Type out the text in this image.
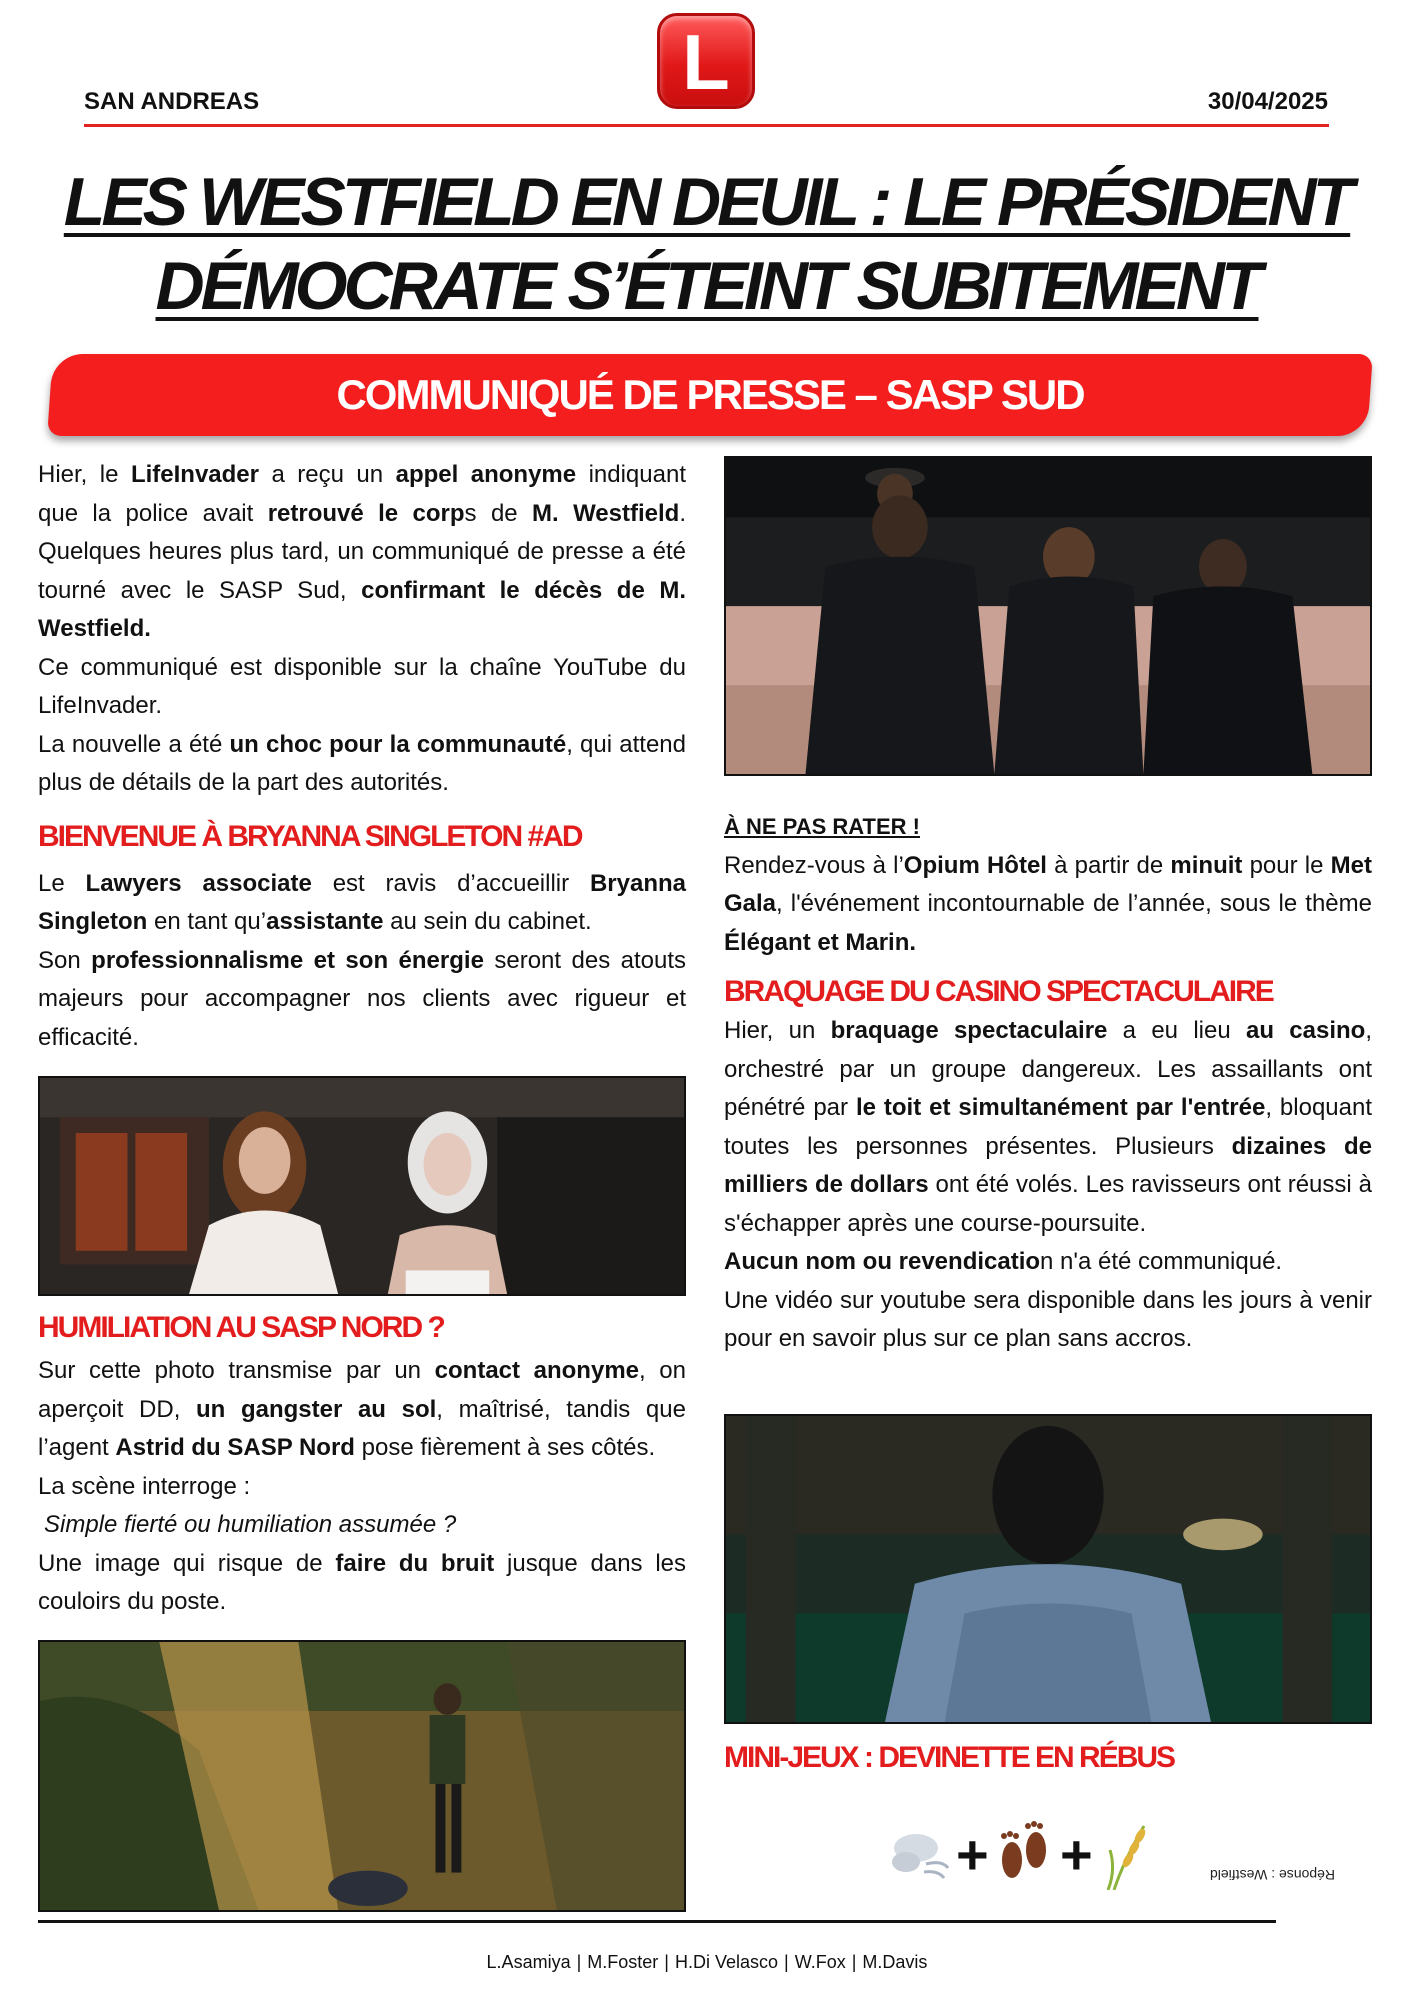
L
SAN ANDREAS	30/04/2025
LES WESTFIELD EN DEUIL : LE PRÉSIDENT
DÉMOCRATE S’ÉTEINT SUBITEMENT
COMMUNIQUÉ DE PRESSE – SASP SUD

Hier, le LifeInvader a reçu un appel anonyme indiquant que la police avait retrouvé le corps de M. Westfield. Quelques heures plus tard, un communiqué de presse a été tourné avec le SASP Sud, confirmant le décès de M. Westfield.

Ce communiqué est disponible sur la chaîne YouTube du LifeInvader.

La nouvelle a été un choc pour la communauté, qui attend plus de détails de la part des autorités.

BIENVENUE À BRYANNA SINGLETON #AD

Le Lawyers associate est ravis d’accueillir Bryanna Singleton en tant qu’assistante au sein du cabinet.

Son professionnalisme et son énergie seront des atouts majeurs pour accompagner nos clients avec rigueur et efficacité.

HUMILIATION AU SASP NORD ?

Sur cette photo transmise par un contact anonyme, on aperçoit DD, un gangster au sol, maîtrisé, tandis que l’agent Astrid du SASP Nord pose fièrement à ses côtés.

La scène interroge :

Simple fierté ou humiliation assumée ?

Une image qui risque de faire du bruit jusque dans les couloirs du poste.

À NE PAS RATER !

Rendez-vous à l’Opium Hôtel à partir de minuit pour le Met Gala, l'événement incontournable de l’année, sous le thème Élégant et Marin.

BRAQUAGE DU CASINO SPECTACULAIRE

Hier, un braquage spectaculaire a eu lieu au casino, orchestré par un groupe dangereux. Les assaillants ont pénétré par le toit et simultanément par l'entrée, bloquant toutes les personnes présentes. Plusieurs dizaines de milliers de dollars ont été volés. Les ravisseurs ont réussi à s'échapper après une course-poursuite.

Aucun nom ou revendication n'a été communiqué.

Une vidéo sur youtube sera disponible dans les jours à venir pour en savoir plus sur ce plan sans accros.

MINI-JEUX : DEVINETTE EN RÉBUS
+ +	Réponse : Westfield
L.Asamiya | M.Foster | H.Di Velasco | W.Fox | M.Davis
